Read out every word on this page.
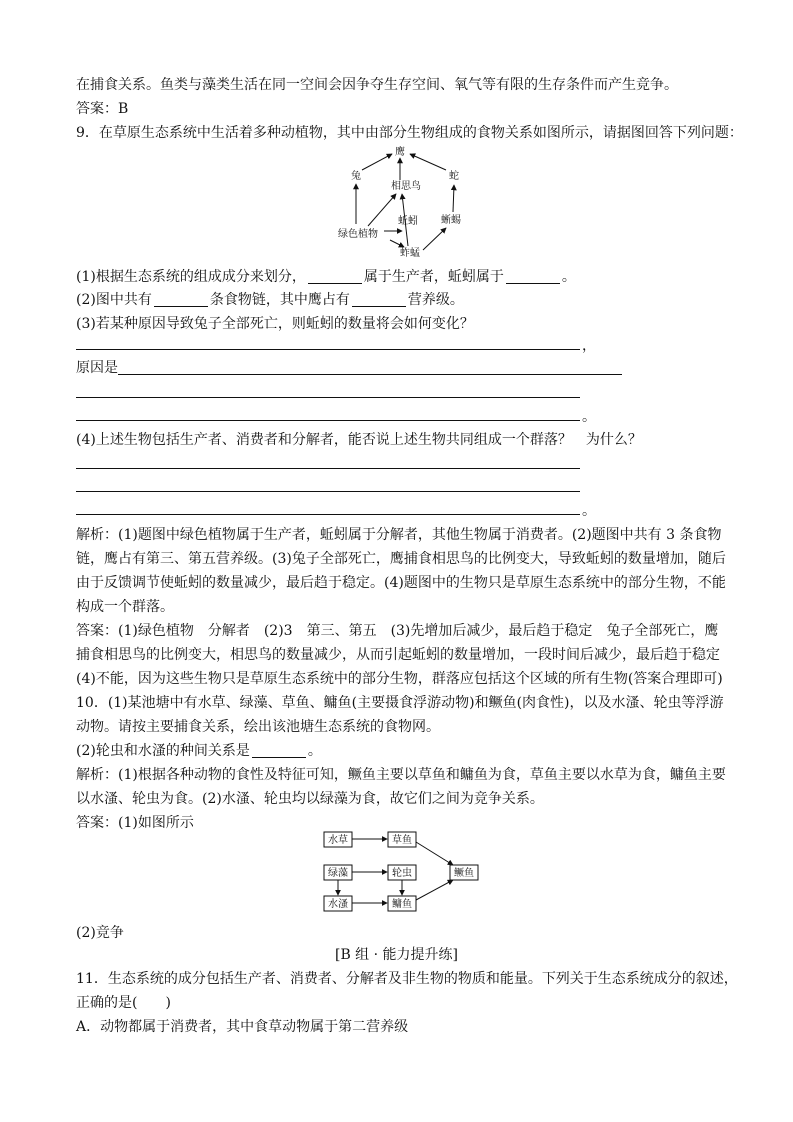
在捕食关系。鱼类与藻类生活在同一空间会因争夺生存空间、氧气等有限的生存条件而产生竞争。
答案：B
9．在草原生态系统中生活着多种动植物，其中由部分生物组成的食物关系如图所示，请据图回答下列问题：
鹰
兔	蛇
相思鸟
蚯蚓 蜥蜴
绿色植物
蚱蜢
(1)根据生态系统的组成成分来划分，	属于生产者，蚯蚓属于	。
(2)图中共有	条食物链，其中鹰占有	营养级。
(3)若某种原因导致兔子全部死亡，则蚯蚓的数量将会如何变化？
，
原因是
。
(4)上述生物包括生产者、消费者和分解者，能否说上述生物共同组成一个群落？　为什么？
。
解析：(1)题图中绿色植物属于生产者，蚯蚓属于分解者，其他生物属于消费者。(2)题图中共有 3 条食物
链，鹰占有第三、第五营养级。(3)兔子全部死亡，鹰捕食相思鸟的比例变大，导致蚯蚓的数量增加，随后
由于反馈调节使蚯蚓的数量减少，最后趋于稳定。(4)题图中的生物只是草原生态系统中的部分生物，不能
构成一个群落。
答案：(1)绿色植物　分解者　(2)3　第三、第五　(3)先增加后减少，最后趋于稳定　兔子全部死亡，鹰
捕食相思鸟的比例变大，相思鸟的数量减少，从而引起蚯蚓的数量增加，一段时间后减少，最后趋于稳定
(4)不能，因为这些生物只是草原生态系统中的部分生物，群落应包括这个区域的所有生物(答案合理即可)
10．(1)某池塘中有水草、绿藻、草鱼、鳙鱼(主要摄食浮游动物)和鳜鱼(肉食性)，以及水溞、轮虫等浮游
动物。请按主要捕食关系，绘出该池塘生态系统的食物网。
(2)轮虫和水溞的种间关系是	。
解析：(1)根据各种动物的食性及特征可知，鳜鱼主要以草鱼和鳙鱼为食，草鱼主要以水草为食，鳙鱼主要
以水溞、轮虫为食。(2)水溞、轮虫均以绿藻为食，故它们之间为竞争关系。
答案：(1)如图所示
水草	草鱼
绿藻	轮虫	鳜鱼
水溞	鳙鱼
(2)竞争
[B 组 · 能力提升练]
11．生态系统的成分包括生产者、消费者、分解者及非生物的物质和能量。下列关于生态系统成分的叙述，
正确的是(　　)
A．动物都属于消费者，其中食草动物属于第二营养级
